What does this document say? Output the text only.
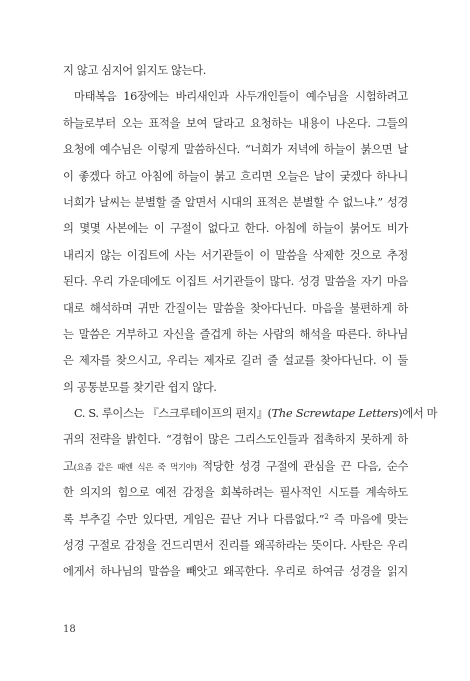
지 않고 심지어 읽지도 않는다.
마태복음 16장에는 바리새인과 사두개인들이 예수님을 시험하려고
하늘로부터 오는 표적을 보여 달라고 요청하는 내용이 나온다. 그들의
요청에 예수님은 이렇게 말씀하신다. “너희가 저녁에 하늘이 붉으면 날
이 좋겠다 하고 아침에 하늘이 붉고 흐리면 오늘은 날이 궂겠다 하나니
너희가 날씨는 분별할 줄 알면서 시대의 표적은 분별할 수 없느냐.” 성경
의 몇몇 사본에는 이 구절이 없다고 한다. 아침에 하늘이 붉어도 비가
내리지 않는 이집트에 사는 서기관들이 이 말씀을 삭제한 것으로 추정
된다. 우리 가운데에도 이집트 서기관들이 많다. 성경 말씀을 자기 마음
대로 해석하며 귀만 간질이는 말씀을 찾아다닌다. 마음을 불편하게 하
는 말씀은 거부하고 자신을 즐겁게 하는 사람의 해석을 따른다. 하나님
은 제자를 찾으시고, 우리는 제자로 길러 줄 설교를 찾아다닌다. 이 둘
의 공통분모를 찾기란 쉽지 않다.
C. S. 루이스는 『스크루테이프의 편지』(The Screwtape Letters)에서 마
귀의 전략을 밝힌다. “경험이 많은 그리스도인들과 접촉하지 못하게 하
고(요즘 같은 때엔 식은 죽 먹기야) 적당한 성경 구절에 관심을 끈 다음, 순수
한 의지의 힘으로 예전 감정을 회복하려는 필사적인 시도를 계속하도
록 부추길 수만 있다면, 게임은 끝난 거나 다름없다.”$^2$ 즉 마음에 맞는
성경 구절로 감정을 건드리면서 진리를 왜곡하라는 뜻이다. 사탄은 우리
에게서 하나님의 말씀을 빼앗고 왜곡한다. 우리로 하여금 성경을 읽지
18
